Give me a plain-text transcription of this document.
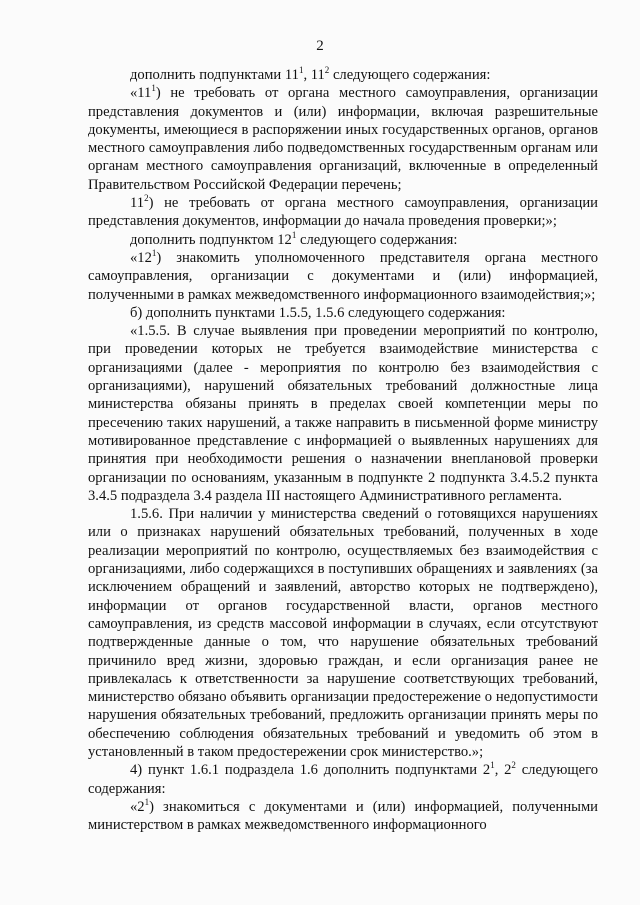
2

дополнить подпунктами $11^1$, $11^2$ следующего содержания:

«$11^1$) не требовать от органа местного самоуправления, организации представления документов и (или) информации, включая разрешительные документы, имеющиеся в распоряжении иных государственных органов, органов местного самоуправления либо подведомственных государственным органам или органам местного самоуправления организаций, включенные в определенный Правительством Российской Федерации перечень;

$11^2$) не требовать от органа местного самоуправления, организации представления документов, информации до начала проведения проверки;»;

дополнить подпунктом $12^1$ следующего содержания:

«$12^1$) знакомить уполномоченного представителя органа местного самоуправления, организации с документами и (или) информацией, полученными в рамках межведомственного информационного взаимодействия;»;

б) дополнить пунктами 1.5.5, 1.5.6 следующего содержания:

«1.5.5. В случае выявления при проведении мероприятий по контролю, при проведении которых не требуется взаимодействие министерства с организациями (далее - мероприятия по контролю без взаимодействия с организациями), нарушений обязательных требований должностные лица министерства обязаны принять в пределах своей компетенции меры по пресечению таких нарушений, а также направить в письменной форме министру мотивированное представление с информацией о выявленных нарушениях для принятия при необходимости решения о назначении внеплановой проверки организации по основаниям, указанным в подпункте 2 подпункта 3.4.5.2 пункта 3.4.5 подраздела 3.4 раздела III настоящего Административного регламента.

1.5.6. При наличии у министерства сведений о готовящихся нарушениях или о признаках нарушений обязательных требований, полученных в ходе реализации мероприятий по контролю, осуществляемых без взаимодействия с организациями, либо содержащихся в поступивших обращениях и заявлениях (за исключением обращений и заявлений, авторство которых не подтверждено), информации от органов государственной власти, органов местного самоуправления, из средств массовой информации в случаях, если отсутствуют подтвержденные данные о том, что нарушение обязательных требований причинило вред жизни, здоровью граждан, и если организация ранее не привлекалась к ответственности за нарушение соответствующих требований, министерство обязано объявить организации предостережение о недопустимости нарушения обязательных требований, предложить организации принять меры по обеспечению соблюдения обязательных требований и уведомить об этом в установленный в таком предостережении срок министерство.»;

4) пункт 1.6.1 подраздела 1.6 дополнить подпунктами $2^1$, $2^2$ следующего содержания:

«$2^1$) знакомиться с документами и (или) информацией, полученными министерством в рамках межведомственного информационного
